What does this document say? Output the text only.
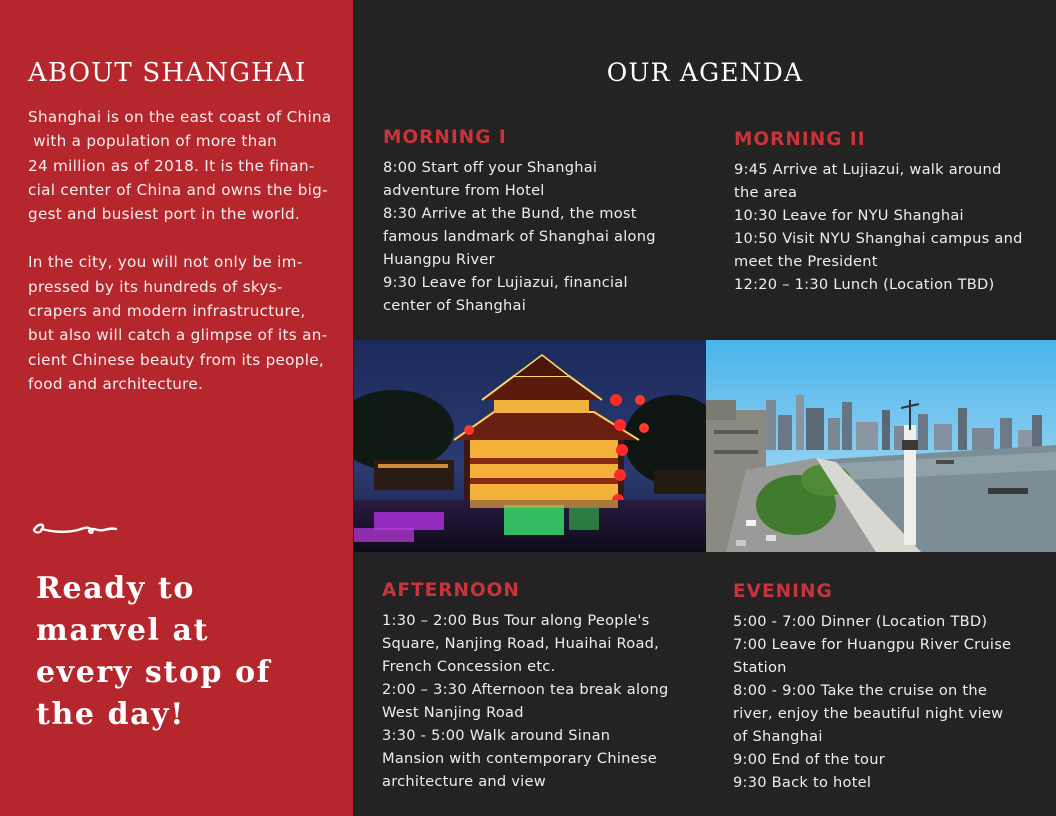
ABOUT SHANGHAI

Shanghai is on the east coast of China
with a population of more than
24 million as of 2018. It is the finan-
cial center of China and owns the big-
gest and busiest port in the world.

In the city, you will not only be im-
pressed by its hundreds of skys-
crapers and modern infrastructure,
but also will catch a glimpse of its an-
cient Chinese beauty from its people,
food and architecture.

Ready to
marvel at
every stop of
the day!
OUR AGENDA
MORNING I
8:00 Start off your Shanghai
adventure from Hotel
8:30 Arrive at the Bund, the most
famous landmark of Shanghai along
Huangpu River
9:30 Leave for Lujiazui, financial
center of Shanghai
MORNING II
9:45 Arrive at Lujiazui, walk around
the area
10:30 Leave for NYU Shanghai
10:50 Visit NYU Shanghai campus and
meet the President
12:20 – 1:30 Lunch (Location TBD)
AFTERNOON
1:30 – 2:00 Bus Tour along People's
Square, Nanjing Road, Huaihai Road,
French Concession etc.
2:00 – 3:30 Afternoon tea break along
West Nanjing Road
3:30 - 5:00 Walk around Sinan
Mansion with contemporary Chinese
architecture and view
EVENING
5:00 - 7:00 Dinner (Location TBD)
7:00 Leave for Huangpu River Cruise
Station
8:00 - 9:00 Take the cruise on the
river, enjoy the beautiful night view
of Shanghai
9:00 End of the tour
9:30 Back to hotel
